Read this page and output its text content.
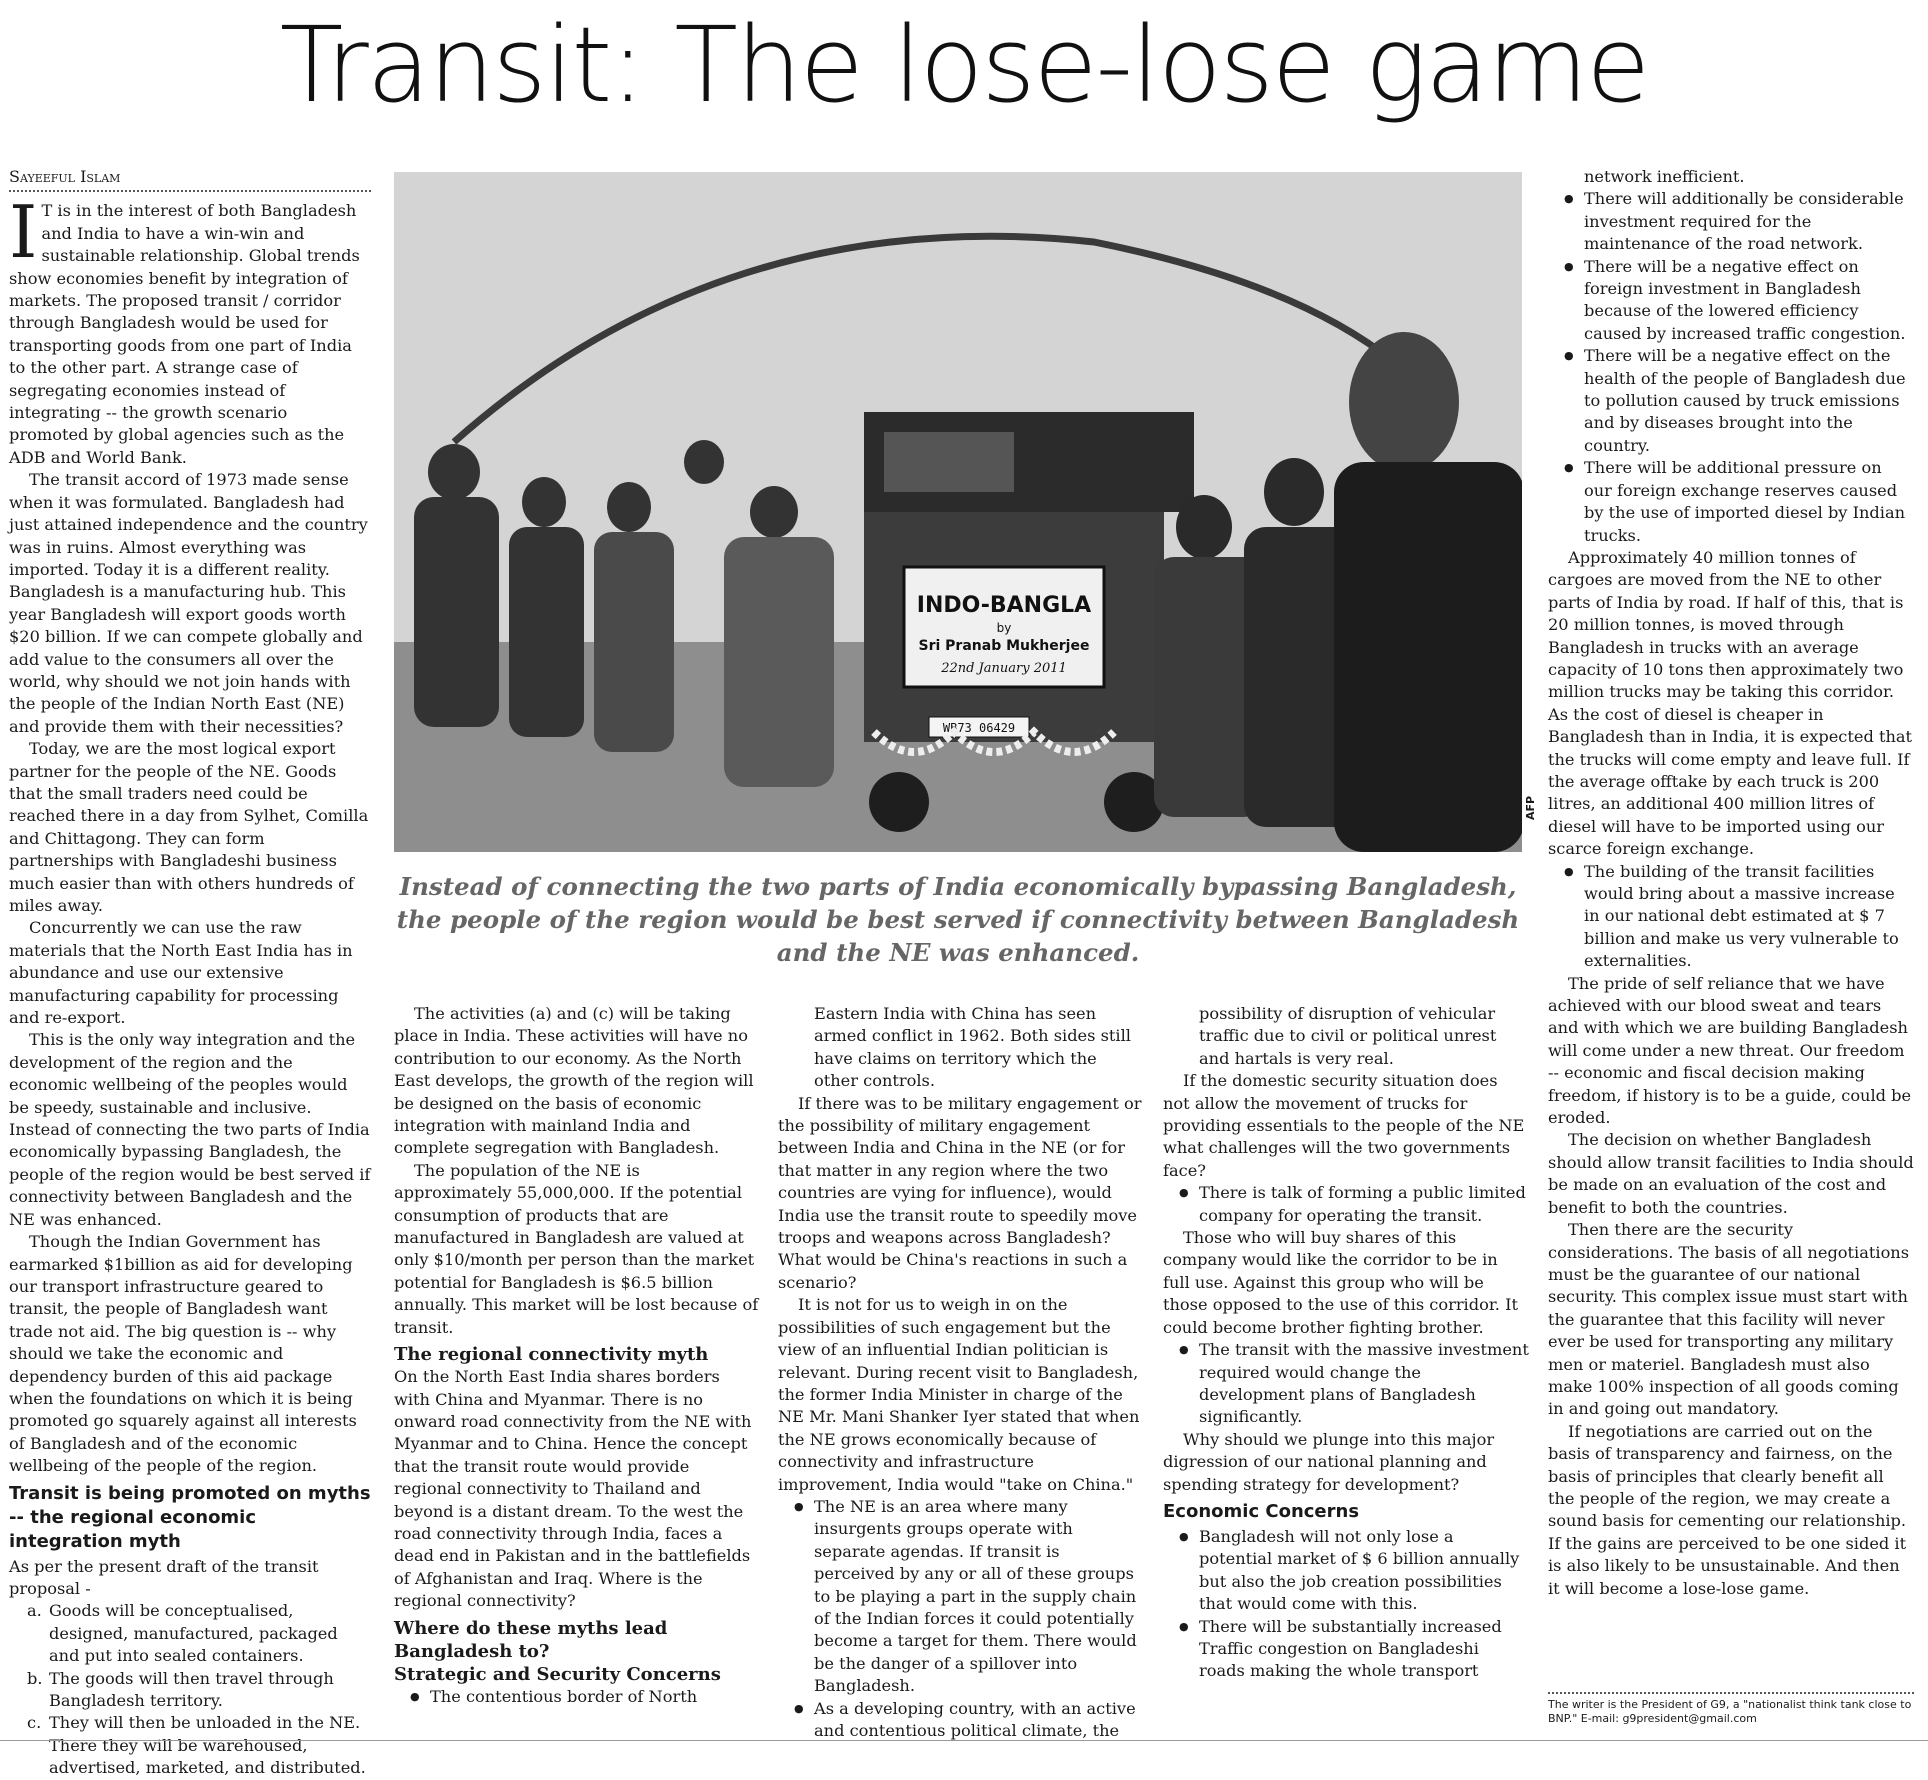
Transit: The lose-lose game
Sayeeful Islam

I T is in the interest of both Bangladesh and India to have a win-win and sustainable relationship. Global trends show economies benefit by integration of markets. The proposed transit / corridor through Bangladesh would be used for transporting goods from one part of India to the other part. A strange case of segregating economies instead of integrating -- the growth scenario promoted by global agencies such as the ADB and World Bank.

The transit accord of 1973 made sense when it was formulated. Bangladesh had just attained independence and the country was in ruins. Almost everything was imported. Today it is a different reality. Bangladesh is a manufacturing hub. This year Bangladesh will export goods worth $20 billion. If we can compete globally and add value to the consumers all over the world, why should we not join hands with the people of the Indian North East (NE) and provide them with their necessities?

Today, we are the most logical export partner for the people of the NE. Goods that the small traders need could be reached there in a day from Sylhet, Comilla and Chittagong. They can form partnerships with Bangladeshi business much easier than with others hundreds of miles away.

Concurrently we can use the raw materials that the North East India has in abundance and use our extensive manufacturing capability for processing and re-export.

This is the only way integration and the development of the region and the economic wellbeing of the peoples would be speedy, sustainable and inclusive. Instead of connecting the two parts of India economically bypassing Bangladesh, the people of the region would be best served if connectivity between Bangladesh and the NE was enhanced.

Though the Indian Government has earmarked $1billion as aid for developing our transport infrastructure geared to transit, the people of Bangladesh want trade not aid. The big question is -- why should we take the economic and dependency burden of this aid package when the foundations on which it is being promoted go squarely against all interests of Bangladesh and of the economic wellbeing of the people of the region.

Transit is being promoted on myths -- the regional economic integration myth

As per the present draft of the transit proposal -

a. Goods will be conceptualised, designed, manufactured, packaged and put into sealed containers.
b. The goods will then travel through Bangladesh territory.
c. They will then be unloaded in the NE. There they will be warehoused, advertised, marketed, and distributed.
INDO-BANGLA
by
Sri Pranab Mukherjee
22nd January 2011
WB73 06429
AFP
Instead of connecting the two parts of India economically bypassing Bangladesh, the people of the region would be best served if connectivity between Bangladesh and the NE was enhanced.

The activities (a) and (c) will be taking place in India. These activities will have no contribution to our economy. As the North East develops, the growth of the region will be designed on the basis of economic integration with mainland India and complete segregation with Bangladesh.

The population of the NE is approximately 55,000,000. If the potential consumption of products that are manufactured in Bangladesh are valued at only $10/month per person than the market potential for Bangladesh is $6.5 billion annually. This market will be lost because of transit.

The regional connectivity myth

On the North East India shares borders with China and Myanmar. There is no onward road connectivity from the NE with Myanmar and to China. Hence the concept that the transit route would provide regional connectivity to Thailand and beyond is a distant dream. To the west the road connectivity through India, faces a dead end in Pakistan and in the battlefields of Afghanistan and Iraq. Where is the regional connectivity?

Where do these myths lead Bangladesh to?
Strategic and Security Concerns
● The contentious border of North

Eastern India with China has seen armed conflict in 1962. Both sides still have claims on territory which the other controls.

If there was to be military engagement or the possibility of military engagement between India and China in the NE (or for that matter in any region where the two countries are vying for influence), would India use the transit route to speedily move troops and weapons across Bangladesh? What would be China's reactions in such a scenario?

It is not for us to weigh in on the possibilities of such engagement but the view of an influential Indian politician is relevant. During recent visit to Bangladesh, the former India Minister in charge of the NE Mr. Mani Shanker Iyer stated that when the NE grows economically because of connectivity and infrastructure improvement, India would "take on China."

● The NE is an area where many insurgents groups operate with separate agendas. If transit is perceived by any or all of these groups to be playing a part in the supply chain of the Indian forces it could potentially become a target for them. There would be the danger of a spillover into Bangladesh.
● As a developing country, with an active and contentious political climate, the

possibility of disruption of vehicular traffic due to civil or political unrest and hartals is very real.

If the domestic security situation does not allow the movement of trucks for providing essentials to the people of the NE what challenges will the two governments face?

● There is talk of forming a public limited company for operating the transit.

Those who will buy shares of this company would like the corridor to be in full use. Against this group who will be those opposed to the use of this corridor. It could become brother fighting brother.

● The transit with the massive investment required would change the development plans of Bangladesh significantly.

Why should we plunge into this major digression of our national planning and spending strategy for development?

Economic Concerns
● Bangladesh will not only lose a potential market of $ 6 billion annually but also the job creation possibilities that would come with this.
● There will be substantially increased Traffic congestion on Bangladeshi roads making the whole transport

network inefficient.

● There will additionally be considerable investment required for the maintenance of the road network.
● There will be a negative effect on foreign investment in Bangladesh because of the lowered efficiency caused by increased traffic congestion.
● There will be a negative effect on the health of the people of Bangladesh due to pollution caused by truck emissions and by diseases brought into the country.
● There will be additional pressure on our foreign exchange reserves caused by the use of imported diesel by Indian trucks.

Approximately 40 million tonnes of cargoes are moved from the NE to other parts of India by road. If half of this, that is 20 million tonnes, is moved through Bangladesh in trucks with an average capacity of 10 tons then approximately two million trucks may be taking this corridor. As the cost of diesel is cheaper in Bangladesh than in India, it is expected that the trucks will come empty and leave full. If the average offtake by each truck is 200 litres, an additional 400 million litres of diesel will have to be imported using our scarce foreign exchange.

● The building of the transit facilities would bring about a massive increase in our national debt estimated at $ 7 billion and make us very vulnerable to externalities.

The pride of self reliance that we have achieved with our blood sweat and tears and with which we are building Bangladesh will come under a new threat. Our freedom -- economic and fiscal decision making freedom, if history is to be a guide, could be eroded.

The decision on whether Bangladesh should allow transit facilities to India should be made on an evaluation of the cost and benefit to both the countries.

Then there are the security considerations. The basis of all negotiations must be the guarantee of our national security. This complex issue must start with the guarantee that this facility will never ever be used for transporting any military men or materiel. Bangladesh must also make 100% inspection of all goods coming in and going out mandatory.

If negotiations are carried out on the basis of transparency and fairness, on the basis of principles that clearly benefit all the people of the region, we may create a sound basis for cementing our relationship. If the gains are perceived to be one sided it is also likely to be unsustainable. And then it will become a lose-lose game.

The writer is the President of G9, a "nationalist think tank close to BNP." E-mail: g9president@gmail.com
